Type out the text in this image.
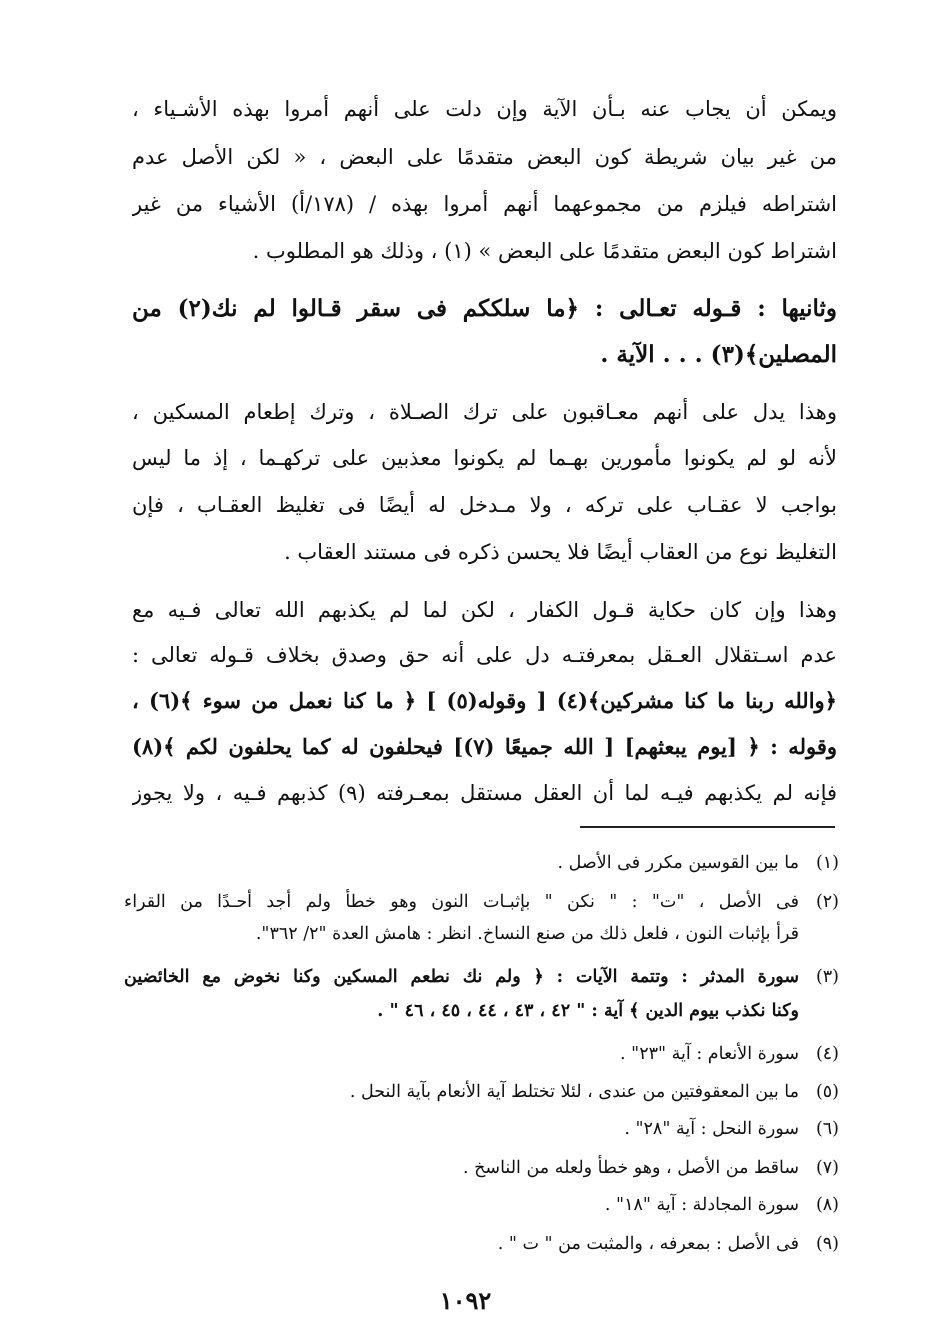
ويمكن أن يجاب عنه بـأن الآية وإن دلت على أنهم أمروا بهذه الأشـياء ،
من غير بيان شريطة كون البعض متقدمًا على البعض ، « لكن الأصل عدم
اشتراطه فيلزم من مجموعهما أنهم أمروا بهذه / (١٧٨/أ) الأشياء من غير
اشتراط كون البعض متقدمًا على البعض » (١) ، وذلك هو المطلوب .
وثانيها : قـوله تعـالى : ﴿ما سلككم فى سقر قـالوا لم نك(٢) من
المصلين﴾(٣) . . . الآية .
وهذا يدل على أنهم معـاقبون على ترك الصـلاة ، وترك إطعام المسكين ،
لأنه لو لم يكونوا مأمورين بهـما لم يكونوا معذبين على تركهـما ، إذ ما ليس
بواجب لا عقـاب على تركه ، ولا مـدخل له أيضًا فى تغليظ العقـاب ، فإن
التغليظ نوع من العقاب أيضًا فلا يحسن ذكره فى مستند العقاب .
وهذا وإن كان حكاية قـول الكفار ، لكن لما لم يكذبهم الله تعالى فـيه مع
عدم اسـتقلال العـقل بمعرفتـه دل على أنه حق وصدق بخلاف قـوله تعالى :
﴿والله ربنا ما كنا مشركين﴾(٤) [ وقوله(٥) ] ﴿ ما كنا نعمل من سوء ﴾(٦) ،
وقوله : ﴿ [يوم يبعثهم] [ الله جميعًا (٧)] فيحلفون له كما يحلفون لكم ﴾(٨)
فإنه لم يكذبهم فيـه لما أن العقل مستقل بمعـرفته (٩) كذبهم فـيه ، ولا يجوز
(١)
ما بين القوسين مكرر فى الأصل .
(٢)
فى الأصل ، "ت" : " نكن " بإثبـات النون وهو خطأ ولم أجد أحـدًا من القراء
قرأ بإثبات النون ، فلعل ذلك من صنع النساخ. انظر : هامش العدة "٢/ ٣٦٢".
(٣)
سورة المدثر : وتتمة الآيات : ﴿ ولم نك نطعم المسكين وكنا نخوض مع الخائضين
وكنا نكذب بيوم الدين ﴾ آية : " ٤٢ ، ٤٣ ، ٤٤ ، ٤٥ ، ٤٦ " .
(٤)
سورة الأنعام : آية "٢٣" .
(٥)
ما بين المعقوفتين من عندى ، لئلا تختلط آية الأنعام بآية النحل .
(٦)
سورة النحل : آية "٢٨" .
(٧)
ساقط من الأصل ، وهو خطأ ولعله من الناسخ .
(٨)
سورة المجادلة : آية "١٨" .
(٩)
فى الأصل : بمعرفه ، والمثبت من " ت " .
١٠٩٢
